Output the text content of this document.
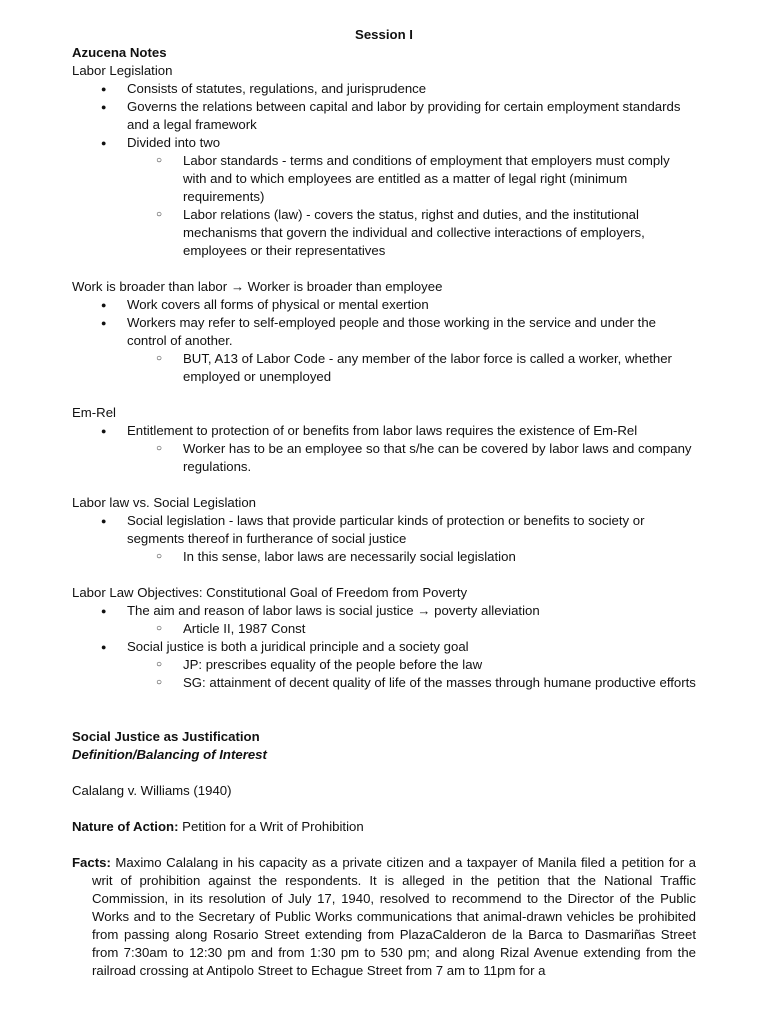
Session I
Azucena Notes
Labor Legislation
● Consists of statutes, regulations, and jurisprudence
● Governs the relations between capital and labor by providing for certain employment standards and a legal framework
● Divided into two
○ Labor standards - terms and conditions of employment that employers must comply with and to which employees are entitled as a matter of legal right (minimum requirements)
○ Labor relations (law) - covers the status, righst and duties, and the institutional mechanisms that govern the individual and collective interactions of employers, employees or their representatives
Work is broader than labor → Worker is broader than employee
● Work covers all forms of physical or mental exertion
● Workers may refer to self-employed people and those working in the service and under the control of another.
○ BUT, A13 of Labor Code - any member of the labor force is called a worker, whether employed or unemployed
Em-Rel
● Entitlement to protection of or benefits from labor laws requires the existence of Em-Rel
○ Worker has to be an employee so that s/he can be covered by labor laws and company regulations.
Labor law vs. Social Legislation
● Social legislation - laws that provide particular kinds of protection or benefits to society or segments thereof in furtherance of social justice
○ In this sense, labor laws are necessarily social legislation
Labor Law Objectives: Constitutional Goal of Freedom from Poverty
● The aim and reason of labor laws is social justice → poverty alleviation
○ Article II, 1987 Const
● Social justice is both a juridical principle and a society goal
○ JP: prescribes equality of the people before the law
○ SG: attainment of decent quality of life of the masses through humane productive efforts
Social Justice as Justification
Definition/Balancing of Interest
Calalang v. Williams (1940)
Nature of Action: Petition for a Writ of Prohibition
Facts: Maximo Calalang in his capacity as a private citizen and a taxpayer of Manila filed a petition for a writ of prohibition against the respondents. It is alleged in the petition that the National Traffic Commission, in its resolution of July 17, 1940, resolved to recommend to the Director of the Public Works and to the Secretary of Public Works communications that animal-drawn vehicles be prohibited from passing along Rosario Street extending from PlazaCalderon de la Barca to Dasmariñas Street from 7:30am to 12:30 pm and from 1:30 pm to 530 pm; and along Rizal Avenue extending from the railroad crossing at Antipolo Street to Echague Street from 7 am to 11pm for a
